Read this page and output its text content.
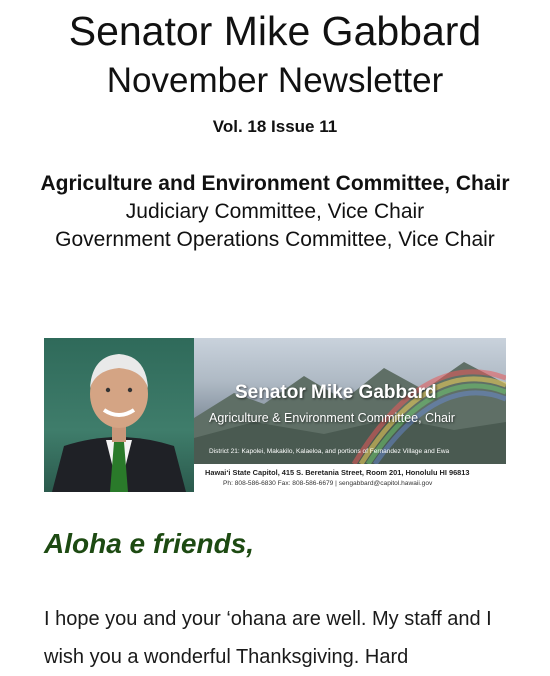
Senator Mike Gabbard
November Newsletter
Vol. 18 Issue 11
Agriculture and Environment Committee, Chair
Judiciary Committee, Vice Chair
Government Operations Committee, Vice Chair
Senator Mike Gabbard
Agriculture & Environment Committee, Chair
District 21: Kapolei, Makakilo, Kalaeloa, and portions of Fernandez Village and Ewa
Hawai‘i State Capitol, 415 S. Beretania Street, Room 201, Honolulu HI 96813
Ph: 808-586-6830 Fax: 808-586-6679 | sengabbard@capitol.hawaii.gov
Aloha e friends,
I hope you and your ‘ohana are well. My staff and I wish you a wonderful Thanksgiving. Hard
